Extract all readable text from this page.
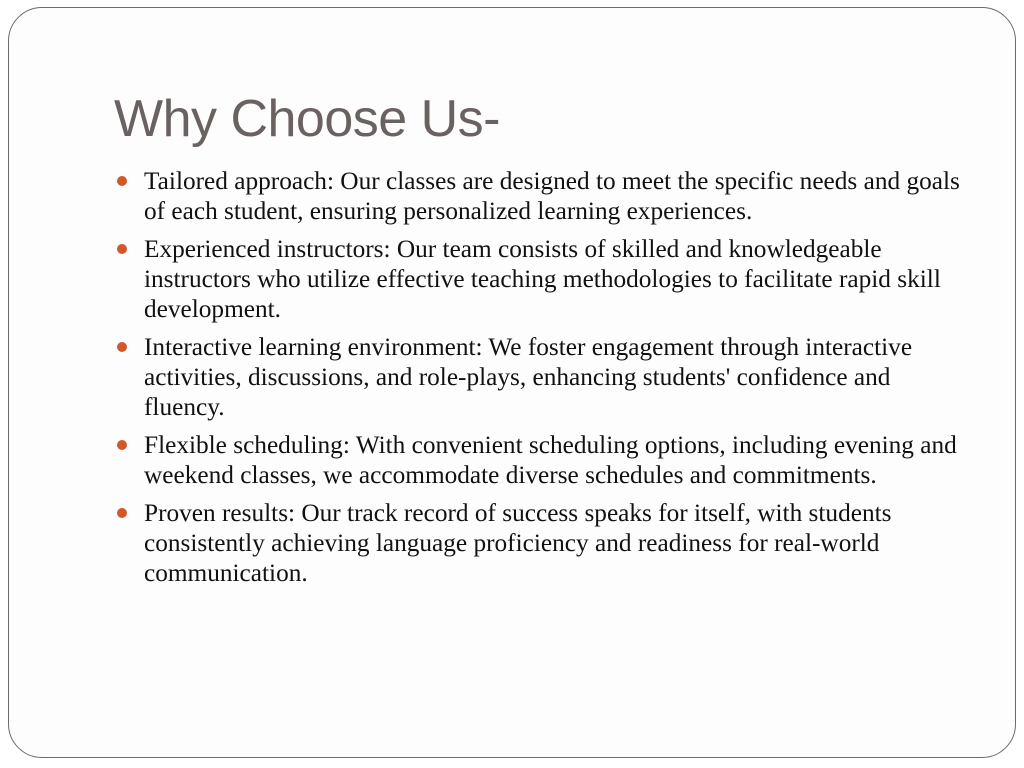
Why Choose Us-
Tailored approach: Our classes are designed to meet the specific needs and goals of each student, ensuring personalized learning experiences.
Experienced instructors: Our team consists of skilled and knowledgeable instructors who utilize effective teaching methodologies to facilitate rapid skill development.
Interactive learning environment: We foster engagement through interactive activities, discussions, and role-plays, enhancing students' confidence and fluency.
Flexible scheduling: With convenient scheduling options, including evening and weekend classes, we accommodate diverse schedules and commitments.
Proven results: Our track record of success speaks for itself, with students consistently achieving language proficiency and readiness for real-world communication.
